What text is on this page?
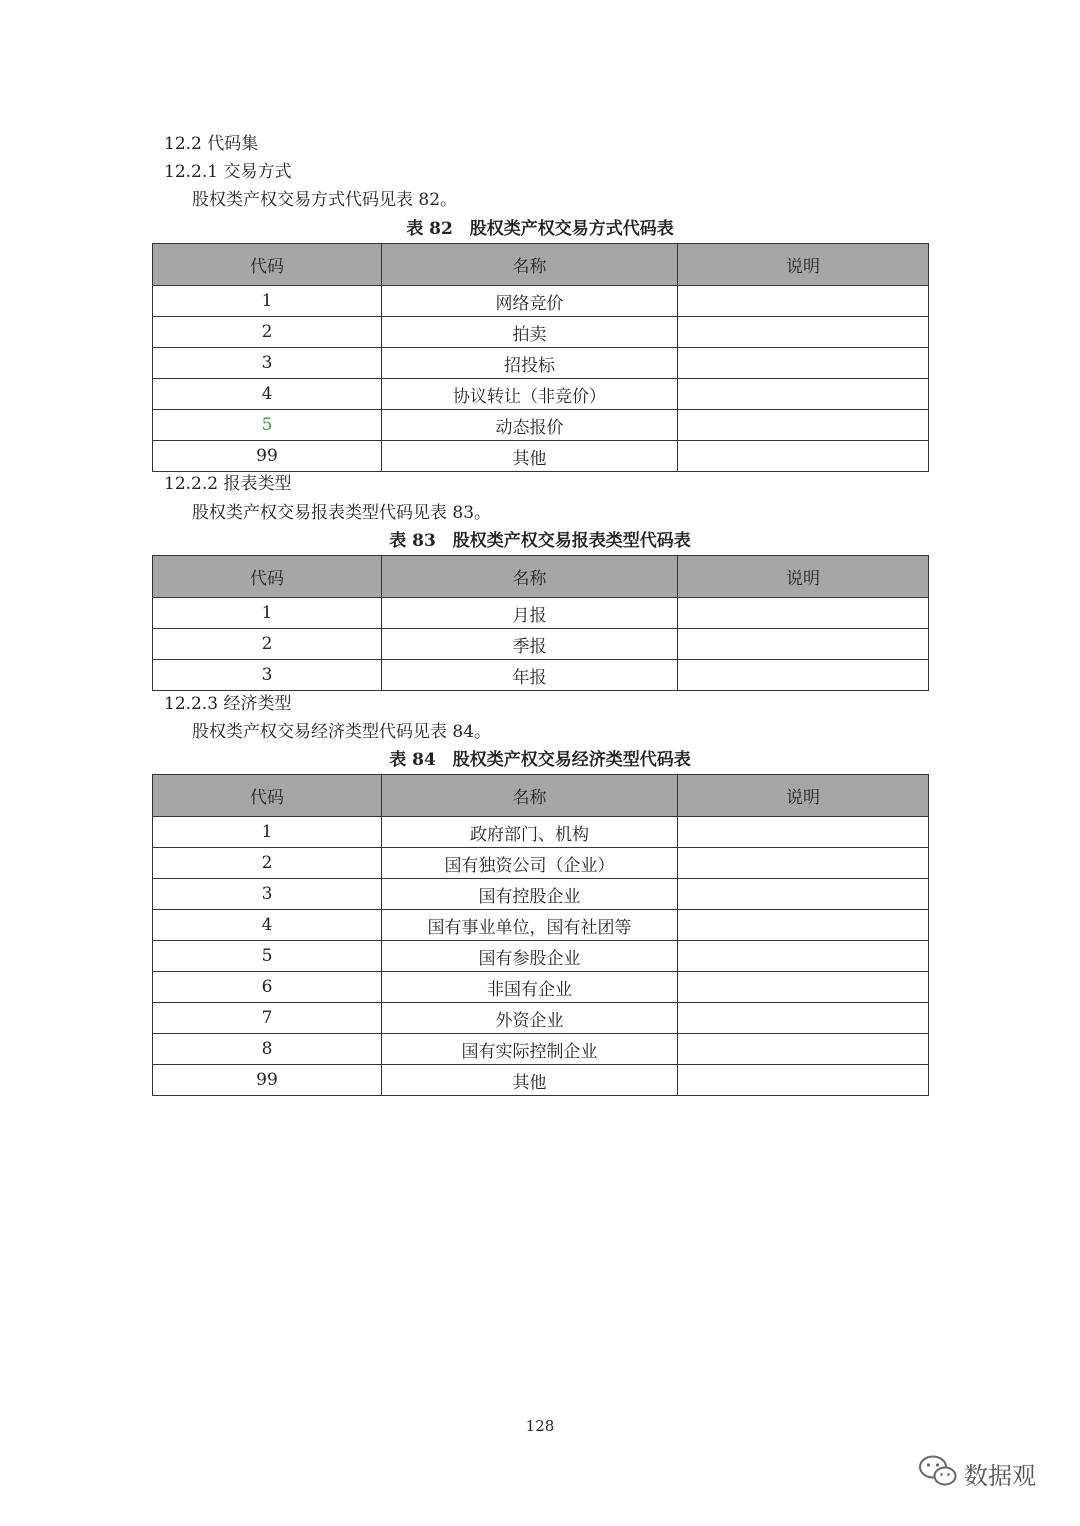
12.2 代码集
12.2.1 交易方式
股权类产权交易方式代码见表 82。
表 82　股权类产权交易方式代码表
代码	名称	说明
1	网络竞价	
2	拍卖	
3	招投标	
4	协议转让（非竞价）	
5	动态报价	
99	其他	
12.2.2 报表类型
股权类产权交易报表类型代码见表 83。
表 83　股权类产权交易报表类型代码表
代码	名称	说明
1	月报	
2	季报	
3	年报	
12.2.3 经济类型
股权类产权交易经济类型代码见表 84。
表 84　股权类产权交易经济类型代码表
代码	名称	说明
1	政府部门、机构	
2	国有独资公司（企业）	
3	国有控股企业	
4	国有事业单位，国有社团等	
5	国有参股企业	
6	非国有企业	
7	外资企业	
8	国有实际控制企业	
99	其他	
128
数据观
